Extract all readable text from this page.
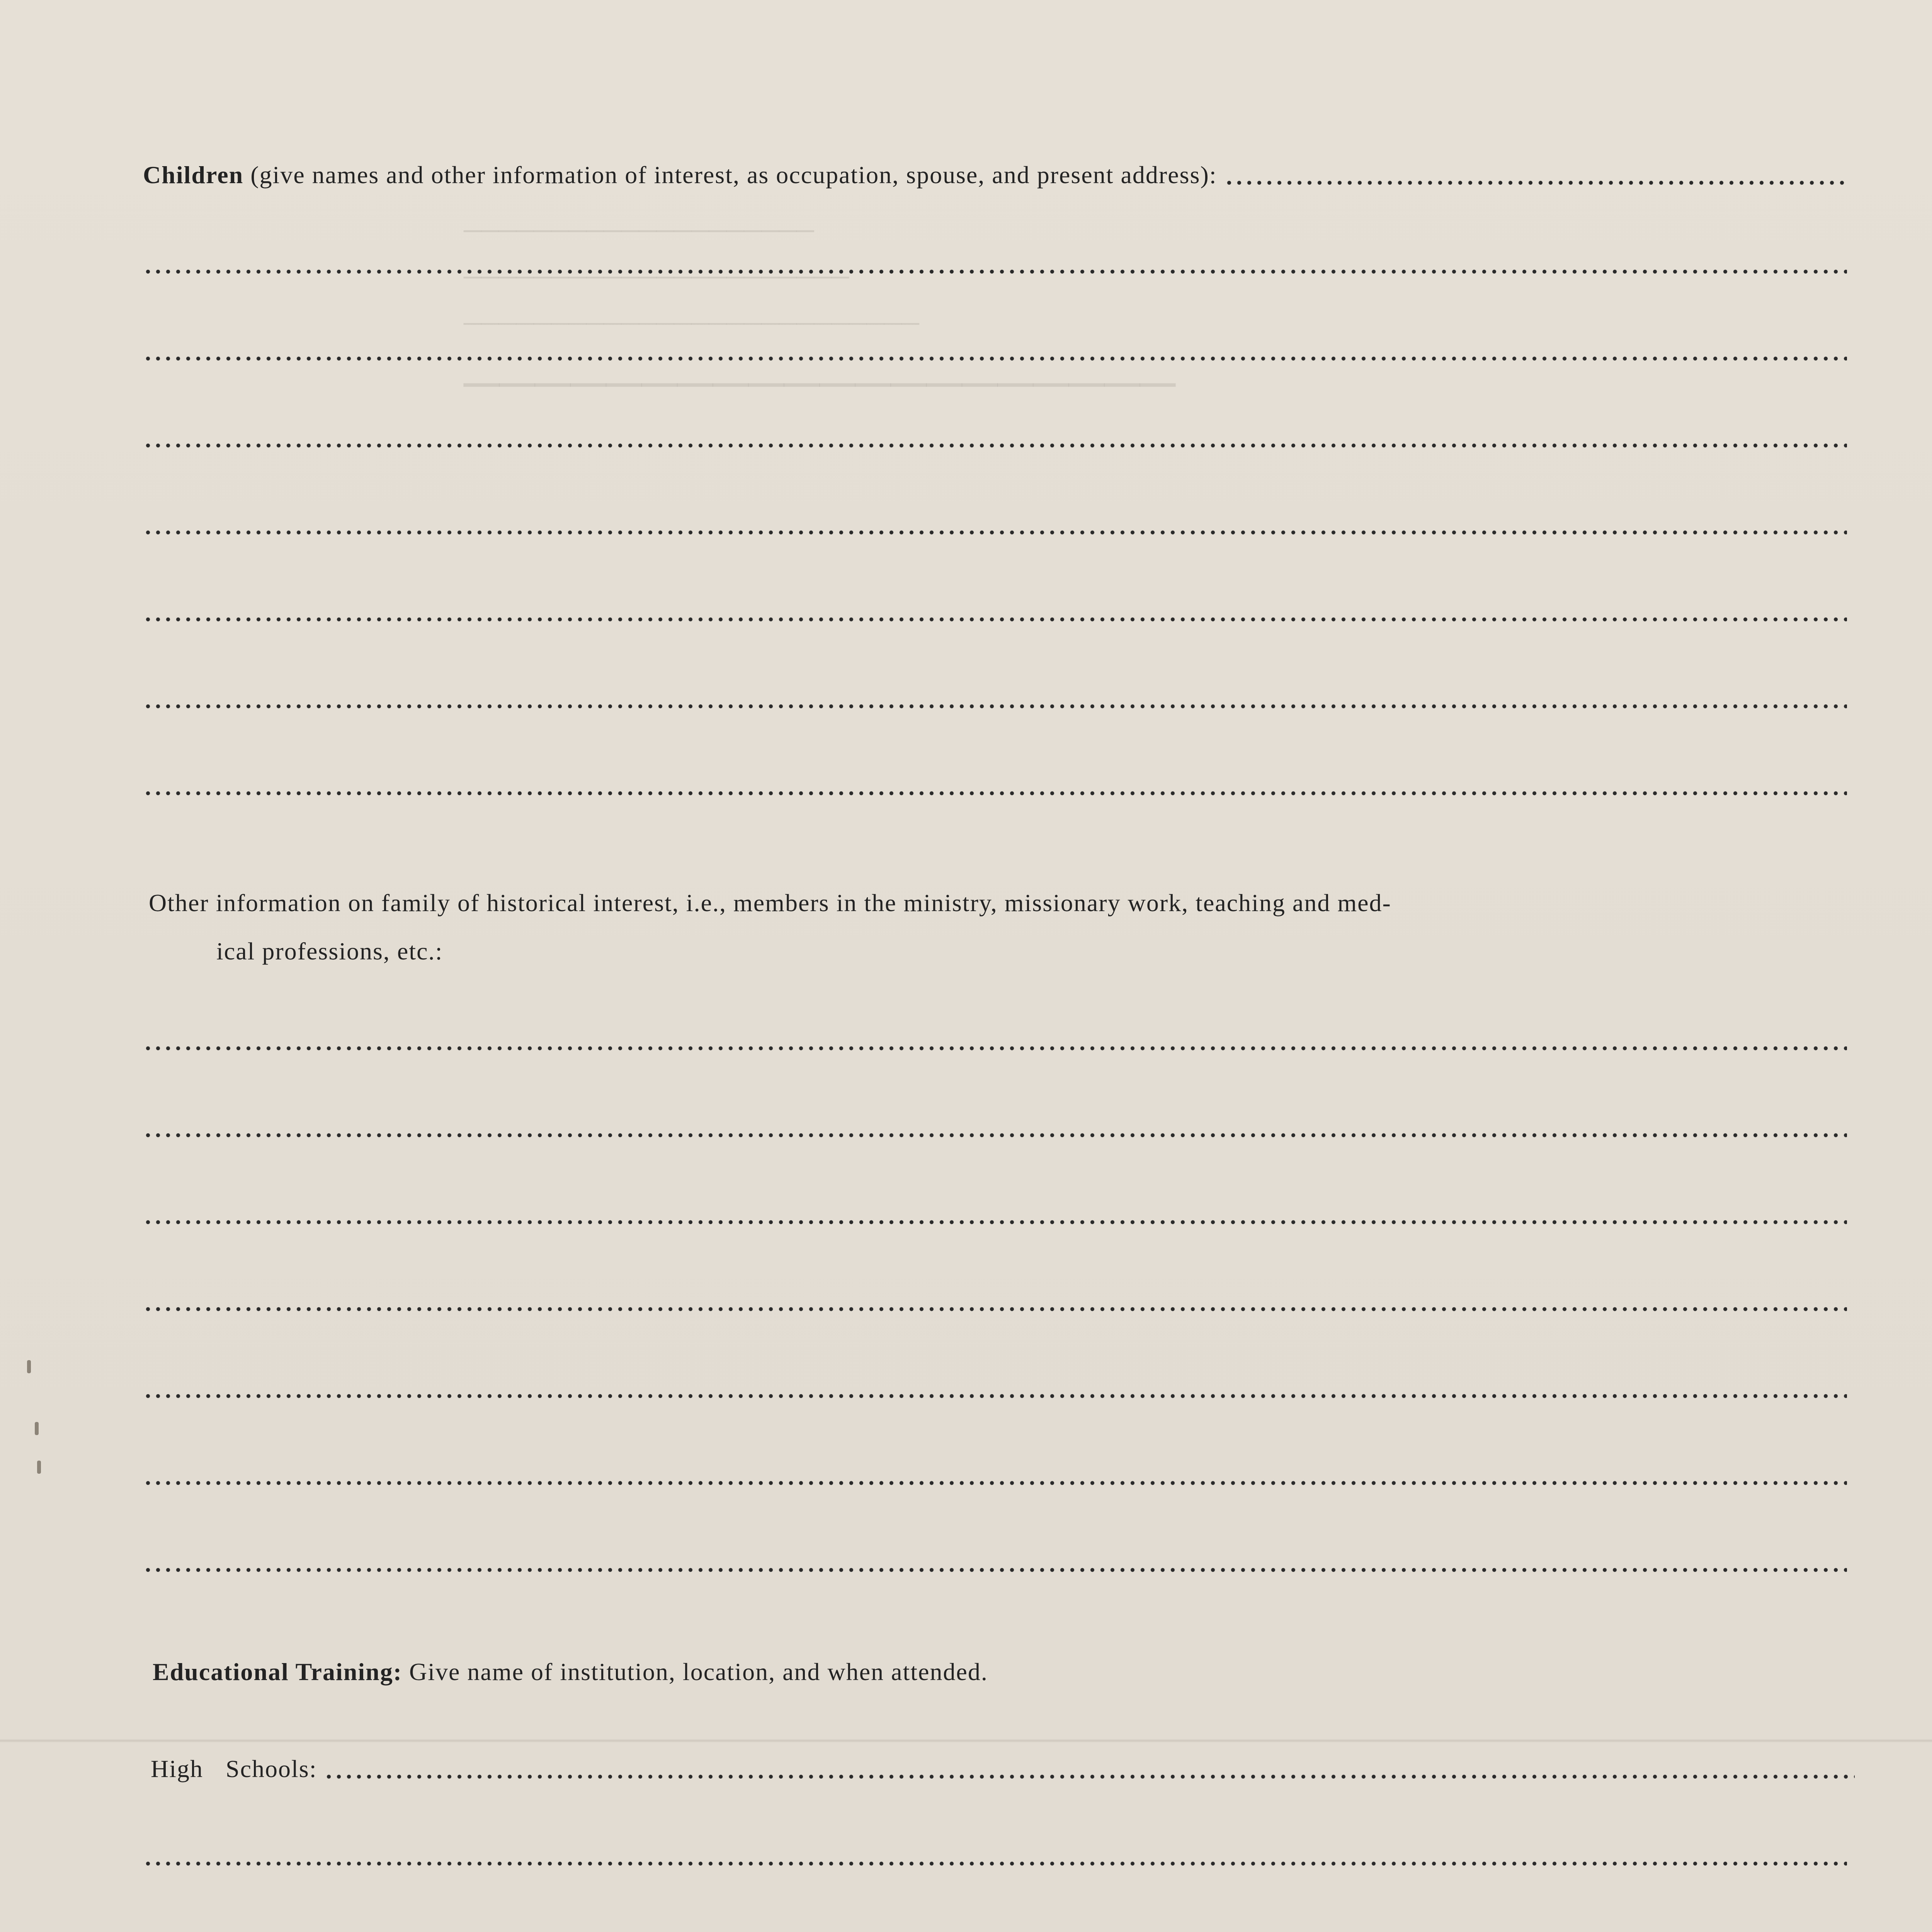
────────────────────
──────────────────────────
──────────────────────
────────────────────
Children (give names and other information of interest, as occupation, spouse, and present address):
Other information on family of historical interest, i.e., members in the ministry, missionary work, teaching and med-
ical professions, etc.:
Educational Training: Give name of institution, location, and when attended.
High Schools:
